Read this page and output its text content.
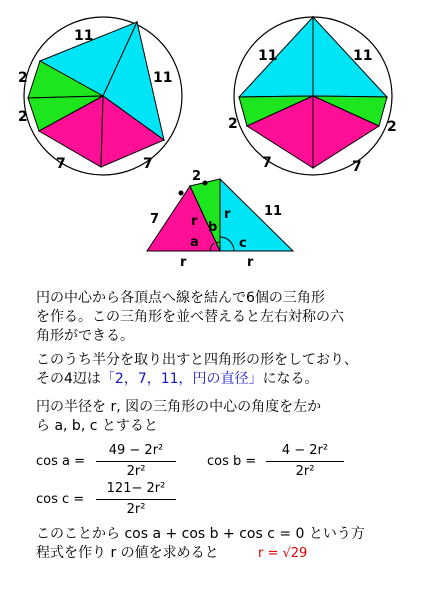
11
11
2
2
7	7
11	11
2	2
7	7
7
2
11
r	r
r r
a
b
c
円の中心から各頂点へ線を結んで6個の三角形
を作る。この三角形を並べ替えると左右対称の六
角形ができる。
このうち半分を取り出すと四角形の形をしており、
その4辺は「2，7，11，円の直径」になる。
円の半径を r, 図の三角形の中心の角度を左か
ら a, b, c とすると
cos a =
49 − 2r²
2r²
cos b =
4 − 2r²
2r²
cos c =
121− 2r²
2r²
このことから cos a + cos b + cos c = 0 という方
程式を作り r の値を求めると	r = √29
